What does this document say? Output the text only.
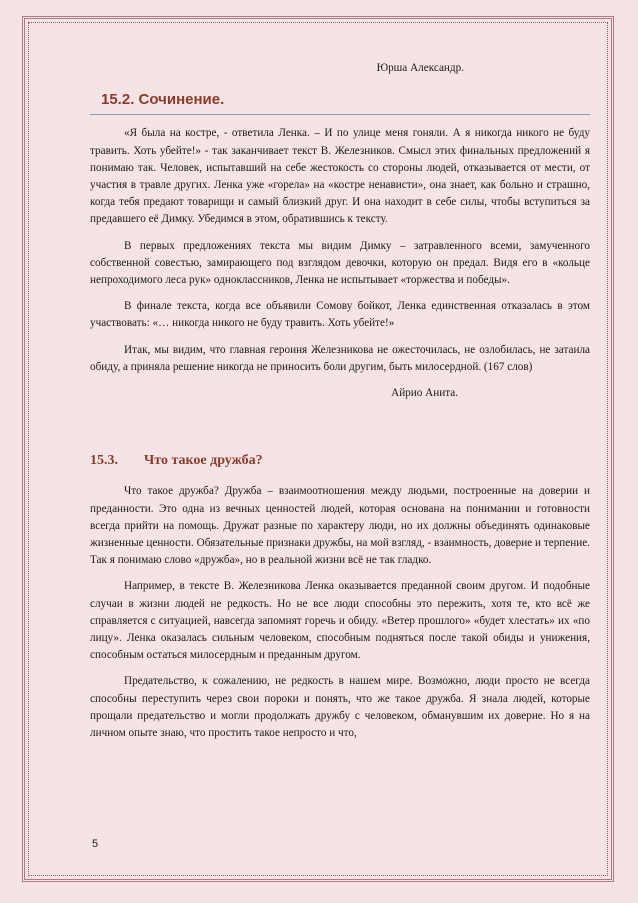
Юрша Александр.
15.2. Сочинение.

«Я была на костре, - ответила Ленка. – И по улице меня гоняли. А я никогда никого не буду травить. Хоть убейте!» - так заканчивает текст В. Железников. Смысл этих финальных предложений я понимаю так. Человек, испытавший на себе жестокость со стороны людей, отказывается от мести, от участия в травле других. Ленка уже «горела» на «костре ненависти», она знает, как больно и страшно, когда тебя предают товарищи и самый близкий друг. И она находит в себе силы, чтобы вступиться за предавшего её Димку. Убедимся в этом, обратившись к тексту.

В первых предложениях текста мы видим Димку – затравленного всеми, замученного собственной совестью, замирающего под взглядом девочки, которую он предал. Видя его в «кольце непроходимого леса рук» одноклассников, Ленка не испытывает «торжества и победы».

В финале текста, когда все объявили Сомову бойкот, Ленка единственная отказалась в этом участвовать: «… никогда никого не буду травить. Хоть убейте!»

Итак, мы видим, что главная героиня Железникова не ожесточилась, не озлобилась, не затаила обиду, а приняла решение никогда не приносить боли другим, быть милосердной. (167 слов)

Айрио Анита.
15.3. Что такое дружба?

Что такое дружба? Дружба – взаимоотношения между людьми, построенные на доверии и преданности. Это одна из вечных ценностей людей, которая основана на понимании и готовности всегда прийти на помощь. Дружат разные по характеру люди, но их должны объединять одинаковые жизненные ценности. Обязательные признаки дружбы, на мой взгляд, - взаимность, доверие и терпение. Так я понимаю слово «дружба», но в реальной жизни всё не так гладко.

Например, в тексте В. Железникова Ленка оказывается преданной своим другом. И подобные случаи в жизни людей не редкость. Но не все люди способны это пережить, хотя те, кто всё же справляется с ситуацией, навсегда запомнят горечь и обиду. «Ветер прошлого» «будет хлестать» их «по лицу». Ленка оказалась сильным человеком, способным подняться после такой обиды и унижения, способным остаться милосердным и преданным другом.

Предательство, к сожалению, не редкость в нашем мире. Возможно, люди просто не всегда способны переступить через свои пороки и понять, что же такое дружба. Я знала людей, которые прощали предательство и могли продолжать дружбу с человеком, обманувшим их доверие. Но я на личном опыте знаю, что простить такое непросто и что,

5
